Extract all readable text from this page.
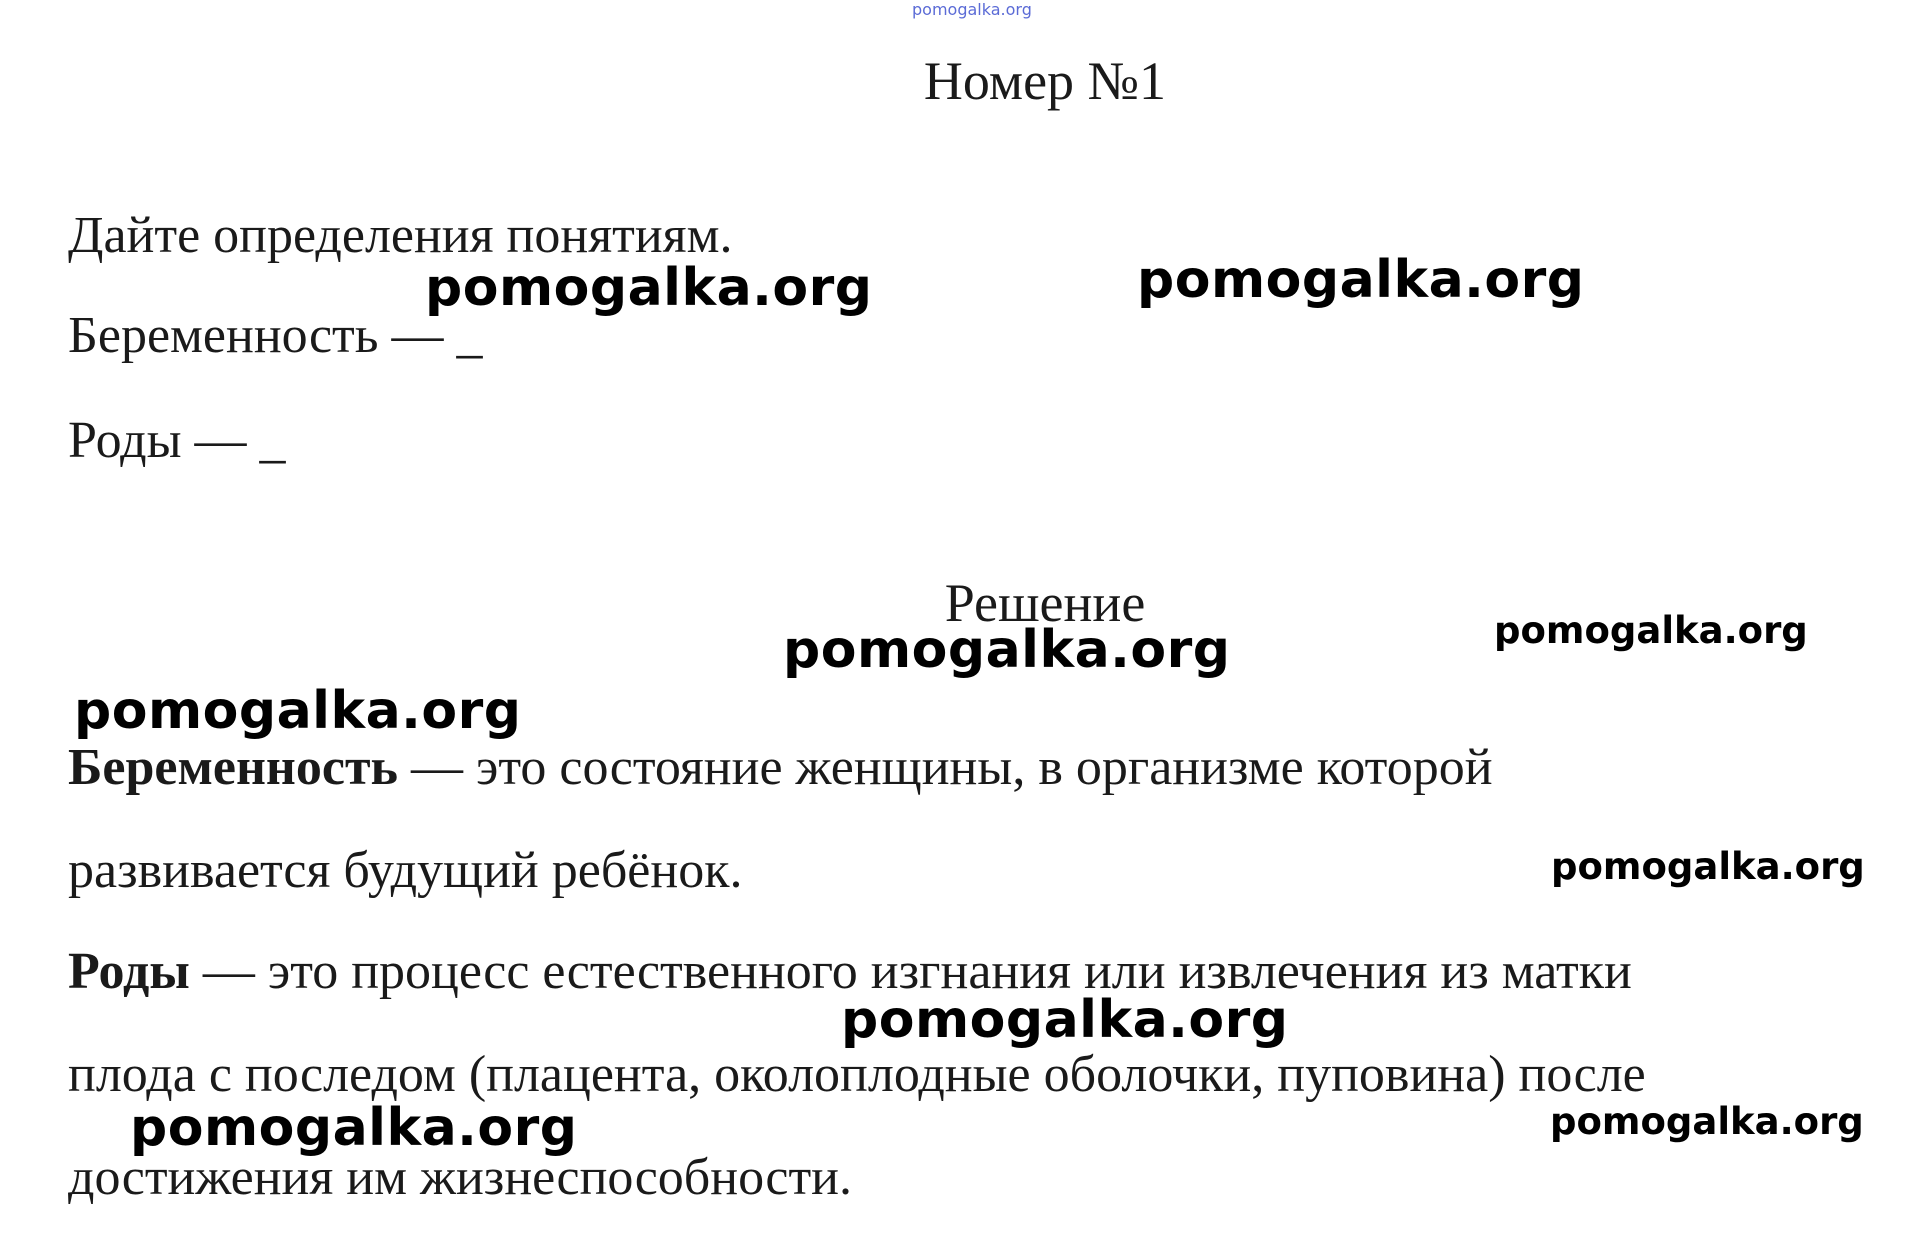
pomogalka.org
Номер №1
Дайте определения понятиям.
Беременность — _
Роды — _
Решение
Беременность — это состояние женщины, в организме которой
развивается будущий ребёнок.
Роды — это процесс естественного изгнания или извлечения из матки
плода с последом (плацента, околоплодные оболочки, пуповина) после
достижения им жизнеспособности.
pomogalka.org	pomogalka.org
pomogalka.org	pomogalka.org
pomogalka.org
pomogalka.org
pomogalka.org
pomogalka.org	pomogalka.org
